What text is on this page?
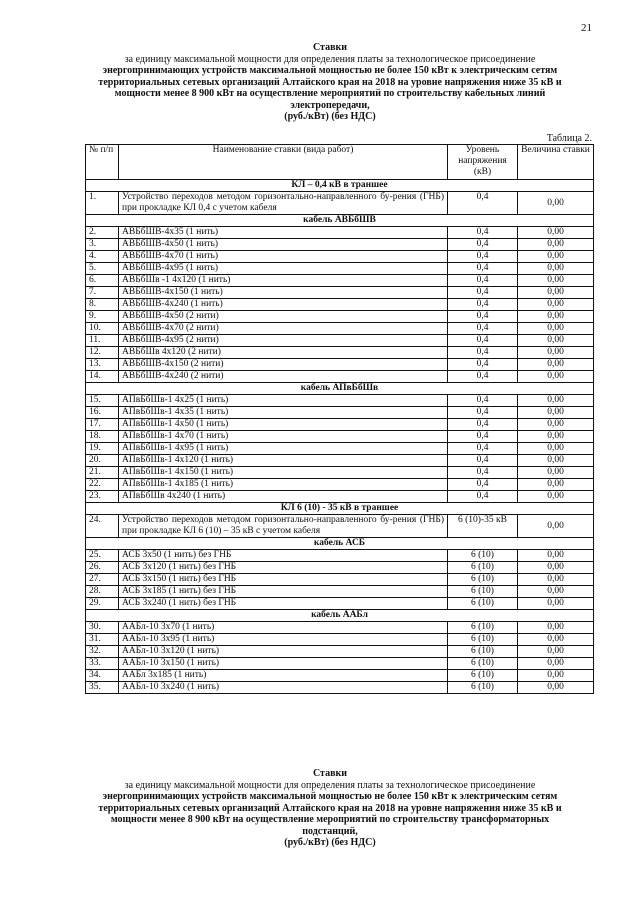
21
Ставки
за единицу максимальной мощности для определения платы за технологическое присоединение
энергопринимающих устройств максимальной мощностью не более 150 кВт к электрическим сетям
территориальных сетевых организаций Алтайского края на 2018 на уровне напряжения ниже 35 кВ и
мощности менее 8 900 кВт на осуществление мероприятий по строительству кабельных линий
электропередачи,
(руб./кВт) (без НДС)
Таблица 2.
№ п/п	Наименование ставки (вида работ)	Уровень напряжения (кВ)	Величина ставки
КЛ – 0,4 кВ в траншее			
1.	Устройство переходов методом горизонтально-направленного бу-рения (ГНБ) при прокладке КЛ 0,4 с учетом кабеля	0,4	0,00
кабель АВБбШВ			
2.	АВБбШВ-4х35 (1 нить)	0,4	0,00
3.	АВБбШВ-4х50 (1 нить)	0,4	0,00
4.	АВБбШВ-4х70 (1 нить)	0,4	0,00
5.	АВБбШВ-4х95 (1 нить)	0,4	0,00
6.	АВБбШв -1 4х120 (1 нить)	0,4	0,00
7.	АВБбШВ-4х150 (1 нить)	0,4	0,00
8.	АВБбШВ-4х240 (1 нить)	0,4	0,00
9.	АВБбШВ-4х50 (2 нити)	0,4	0,00
10.	АВБбШВ-4х70 (2 нити)	0,4	0,00
11.	АВБбШВ-4х95 (2 нити)	0,4	0,00
12.	АВБбШв 4х120 (2 нити)	0,4	0,00
13.	АВБбШВ-4х150 (2 нити)	0,4	0,00
14.	АВБбШВ-4х240 (2 нити)	0,4	0,00
кабель АПвБбШв			
15.	АПвБбШв-1 4х25 (1 нить)	0,4	0,00
16.	АПвБбШв-1 4х35 (1 нить)	0,4	0,00
17.	АПвБбШв-1 4х50 (1 нить)	0,4	0,00
18.	АПвБбШв-1 4х70 (1 нить)	0,4	0,00
19.	АПвБбШв-1 4х95 (1 нить)	0,4	0,00
20.	АПвБбШв-1 4х120 (1 нить)	0,4	0,00
21.	АПвБбШв-1 4х150 (1 нить)	0,4	0,00
22.	АПвБбШв-1 4х185 (1 нить)	0,4	0,00
23.	АПвБбШв 4х240 (1 нить)	0,4	0,00
КЛ 6 (10) - 35 кВ в траншее			
24.	Устройство переходов методом горизонтально-направленного бу-рения (ГНБ) при прокладке КЛ 6 (10) – 35 кВ с учетом кабеля	6 (10)-35 кВ	0,00
кабель АСБ			
25.	АСБ 3х50 (1 нить) без ГНБ	6 (10)	0,00
26.	АСБ 3х120 (1 нить) без ГНБ	6 (10)	0,00
27.	АСБ 3х150 (1 нить) без ГНБ	6 (10)	0,00
28.	АСБ 3х185 (1 нить) без ГНБ	6 (10)	0,00
29.	АСБ 3х240 (1 нить) без ГНБ	6 (10)	0,00
кабель ААБл			
30.	ААБл-10 3х70 (1 нить)	6 (10)	0,00
31.	ААБл-10 3х95 (1 нить)	6 (10)	0,00
32.	ААБл-10 3х120 (1 нить)	6 (10)	0,00
33.	ААБл-10 3х150 (1 нить)	6 (10)	0,00
34.	ААБл 3х185 (1 нить)	6 (10)	0,00
35.	ААБл-10 3х240 (1 нить)	6 (10)	0,00
Ставки
за единицу максимальной мощности для определения платы за технологическое присоединение
энергопринимающих устройств максимальной мощностью не более 150 кВт к электрическим сетям
территориальных сетевых организаций Алтайского края на 2018 на уровне напряжения ниже 35 кВ и
мощности менее 8 900 кВт на осуществление мероприятий по строительству трансформаторных
подстанций,
(руб./кВт) (без НДС)
